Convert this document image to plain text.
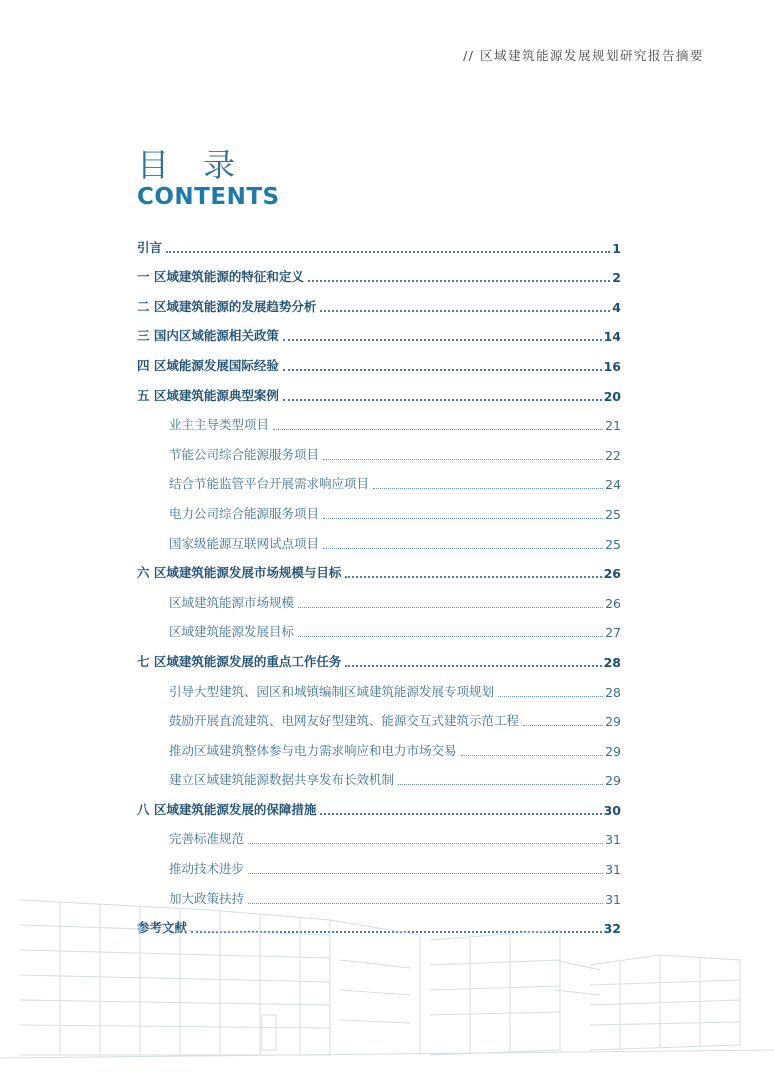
// 区域建筑能源发展规划研究报告摘要
目 录
CONTENTS
引言	1
一 区域建筑能源的特征和定义	2
二 区域建筑能源的发展趋势分析	4
三 国内区域能源相关政策	14
四 区域能源发展国际经验	16
五 区域建筑能源典型案例	20
业主主导类型项目	21
节能公司综合能源服务项目	22
结合节能监管平台开展需求响应项目	24
电力公司综合能源服务项目	25
国家级能源互联网试点项目	25
六 区域建筑能源发展市场规模与目标	26
区域建筑能源市场规模	26
区域建筑能源发展目标	27
七 区域建筑能源发展的重点工作任务	28
引导大型建筑、园区和城镇编制区域建筑能源发展专项规划	28
鼓励开展直流建筑、电网友好型建筑、能源交互式建筑示范工程	29
推动区域建筑整体参与电力需求响应和电力市场交易	29
建立区域建筑能源数据共享发布长效机制	29
八 区域建筑能源发展的保障措施	30
完善标准规范	31
推动技术进步	31
加大政策扶持	31
参考文献	32
